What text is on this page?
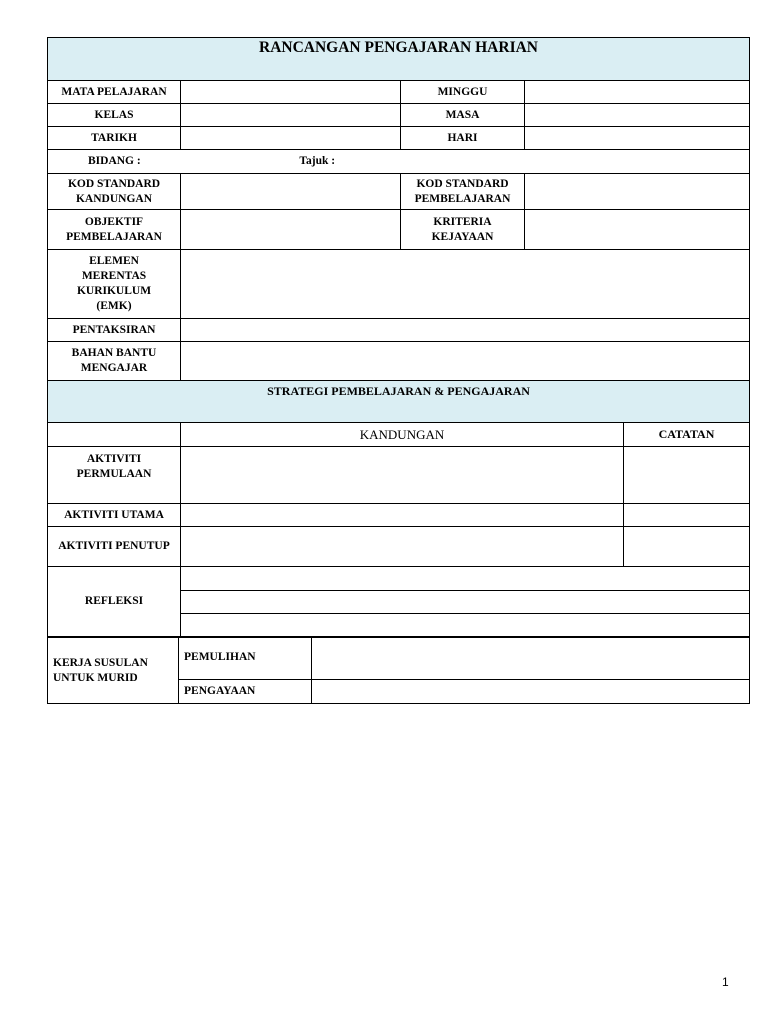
RANCANGAN PENGAJARAN HARIAN			
MATA PELAJARAN		MINGGU	
KELAS		MASA	
TARIKH		HARI	
BIDANG : Tajuk :			
KOD STANDARD KANDUNGAN		KOD STANDARD PEMBELAJARAN	
OBJEKTIF PEMBELAJARAN		KRITERIA KEJAYAAN	
ELEMEN MERENTAS KURIKULUM (EMK)			
PENTAKSIRAN			
BAHAN BANTU MENGAJAR			
STRATEGI PEMBELAJARAN & PENGAJARAN		
	KANDUNGAN	CATATAN
AKTIVITI PERMULAAN		
AKTIVITI UTAMA		
AKTIVITI PENUTUP		
REFLEKSI		

KERJA SUSULAN UNTUK MURID	PEMULIHAN	
	PENGAYAAN	
1
